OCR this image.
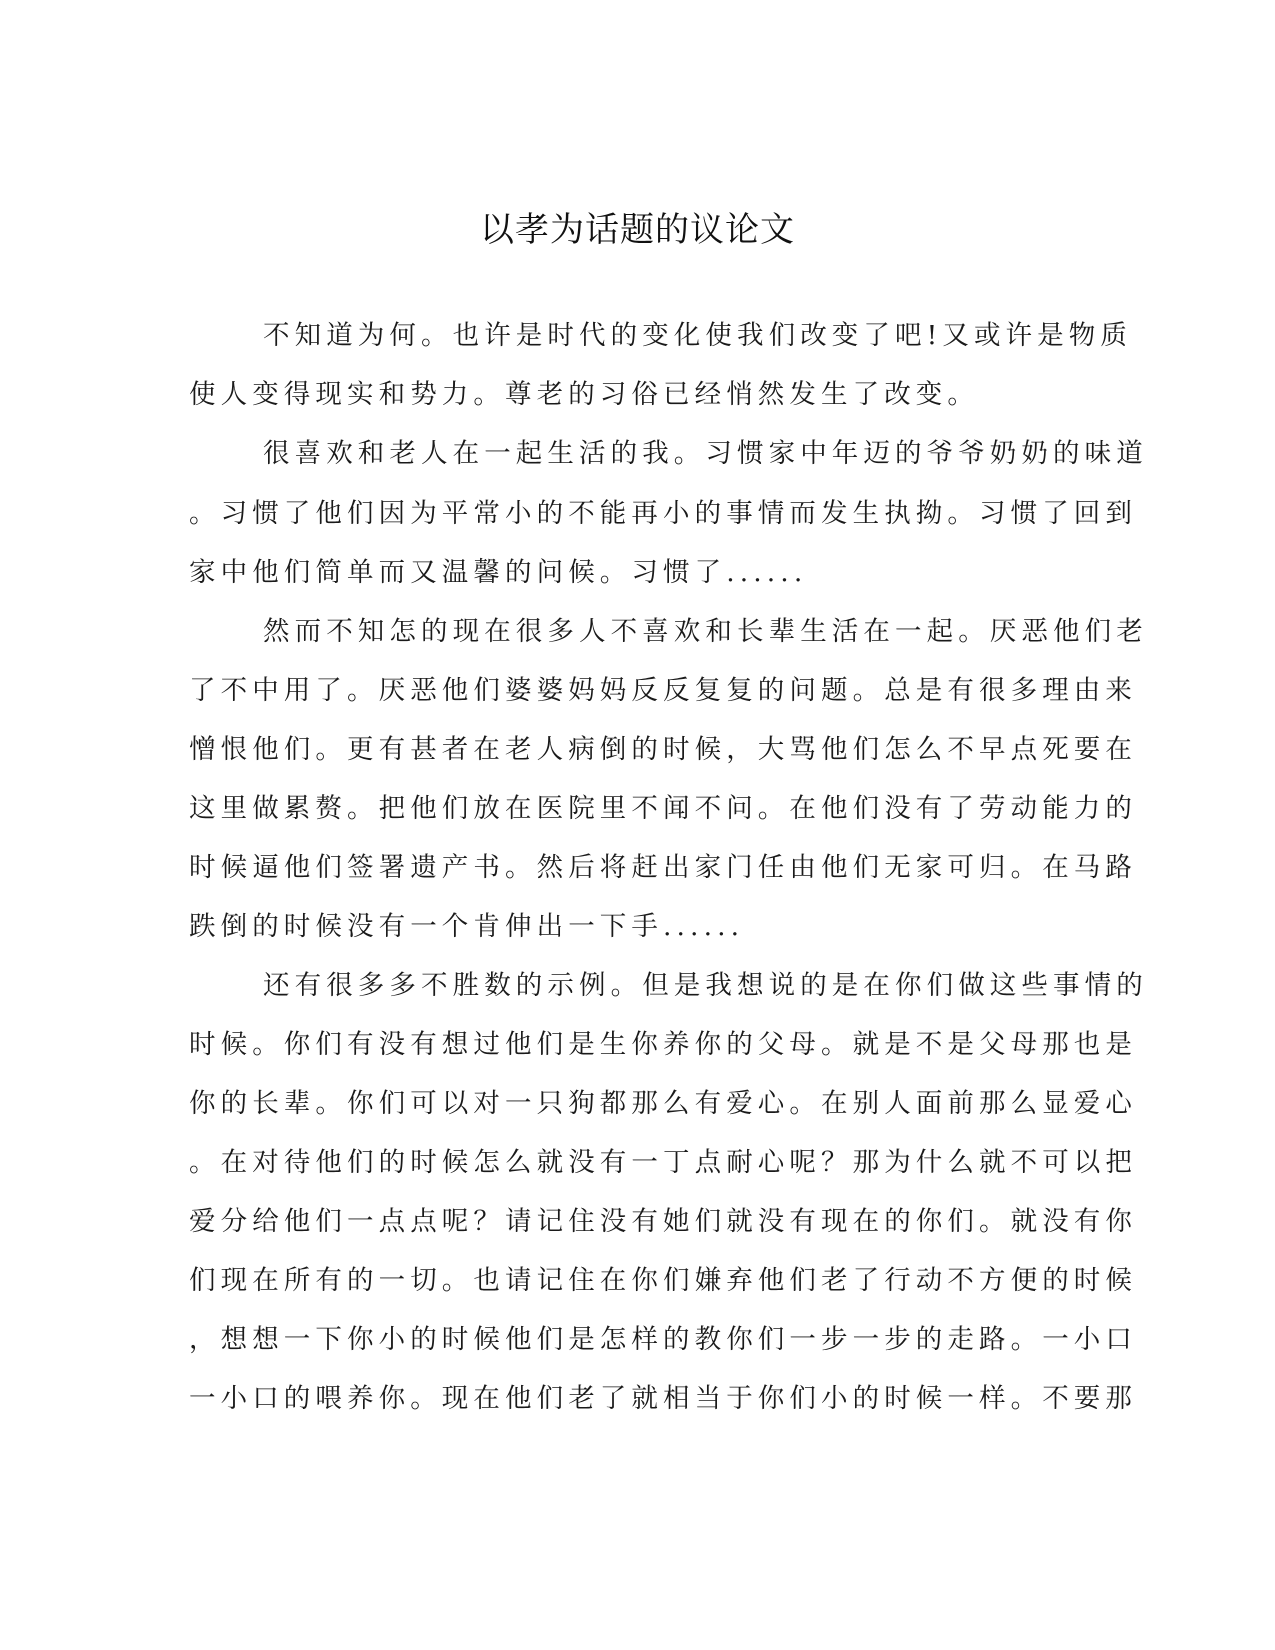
以孝为话题的议论文
不知道为何。也许是时代的变化使我们改变了吧!又或许是物质
使人变得现实和势力。尊老的习俗已经悄然发生了改变。
很喜欢和老人在一起生活的我。习惯家中年迈的爷爷奶奶的味道
。习惯了他们因为平常小的不能再小的事情而发生执拗。习惯了回到
家中他们简单而又温馨的问候。习惯了......
然而不知怎的现在很多人不喜欢和长辈生活在一起。厌恶他们老
了不中用了。厌恶他们婆婆妈妈反反复复的问题。总是有很多理由来
憎恨他们。更有甚者在老人病倒的时候，大骂他们怎么不早点死要在
这里做累赘。把他们放在医院里不闻不问。在他们没有了劳动能力的
时候逼他们签署遗产书。然后将赶出家门任由他们无家可归。在马路
跌倒的时候没有一个肯伸出一下手......
还有很多多不胜数的示例。但是我想说的是在你们做这些事情的
时候。你们有没有想过他们是生你养你的父母。就是不是父母那也是
你的长辈。你们可以对一只狗都那么有爱心。在别人面前那么显爱心
。在对待他们的时候怎么就没有一丁点耐心呢？那为什么就不可以把
爱分给他们一点点呢？请记住没有她们就没有现在的你们。就没有你
们现在所有的一切。也请记住在你们嫌弃他们老了行动不方便的时候
，想想一下你小的时候他们是怎样的教你们一步一步的走路。一小口
一小口的喂养你。现在他们老了就相当于你们小的时候一样。不要那
